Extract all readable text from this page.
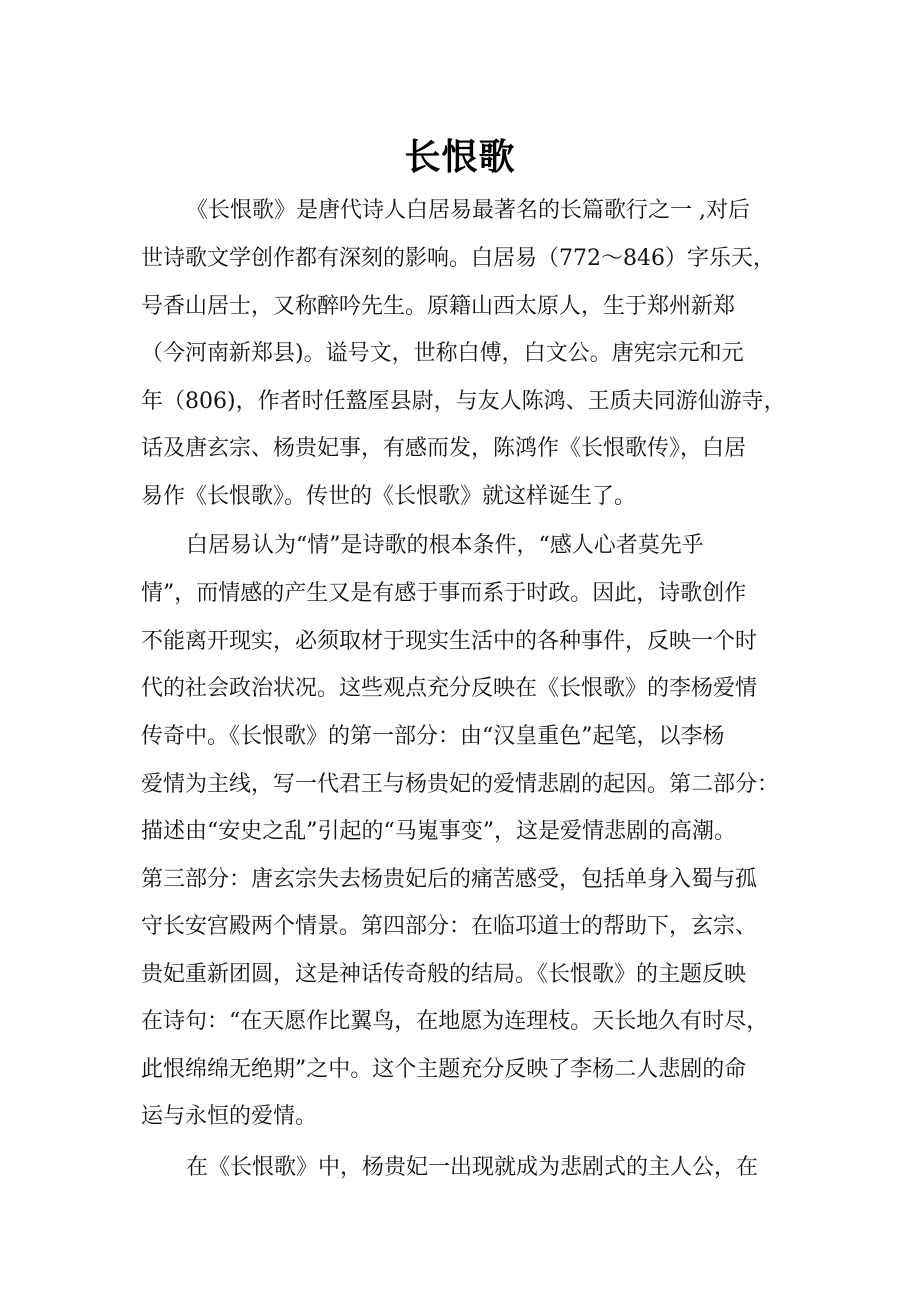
长恨歌
《长恨歌》是唐代诗人白居易最著名的长篇歌行之一 ,对后
世诗歌文学创作都有深刻的影响。白居易（772～846）字乐天，
号香山居士，又称醉吟先生。原籍山西太原人，生于郑州新郑
（今河南新郑县)。谥号文，世称白傅，白文公。唐宪宗元和元
年（806)，作者时任盩厔县尉，与友人陈鸿、王质夫同游仙游寺，
话及唐玄宗、杨贵妃事，有感而发，陈鸿作《长恨歌传》，白居
易作《长恨歌》。传世的《长恨歌》就这样诞生了。
白居易认为“情”是诗歌的根本条件，“感人心者莫先乎
情”，而情感的产生又是有感于事而系于时政。因此，诗歌创作
不能离开现实，必须取材于现实生活中的各种事件，反映一个时
代的社会政治状况。这些观点充分反映在《长恨歌》的李杨爱情
传奇中。《长恨歌》的第一部分：由“汉皇重色”起笔，以李杨
爱情为主线，写一代君王与杨贵妃的爱情悲剧的起因。第二部分：
描述由“安史之乱”引起的“马嵬事变”，这是爱情悲剧的高潮。
第三部分：唐玄宗失去杨贵妃后的痛苦感受，包括单身入蜀与孤
守长安宫殿两个情景。第四部分：在临邛道士的帮助下，玄宗、
贵妃重新团圆，这是神话传奇般的结局。《长恨歌》的主题反映
在诗句：“在天愿作比翼鸟，在地愿为连理枝。天长地久有时尽，
此恨绵绵无绝期”之中。这个主题充分反映了李杨二人悲剧的命
运与永恒的爱情。
在《长恨歌》中，杨贵妃一出现就成为悲剧式的主人公，在
